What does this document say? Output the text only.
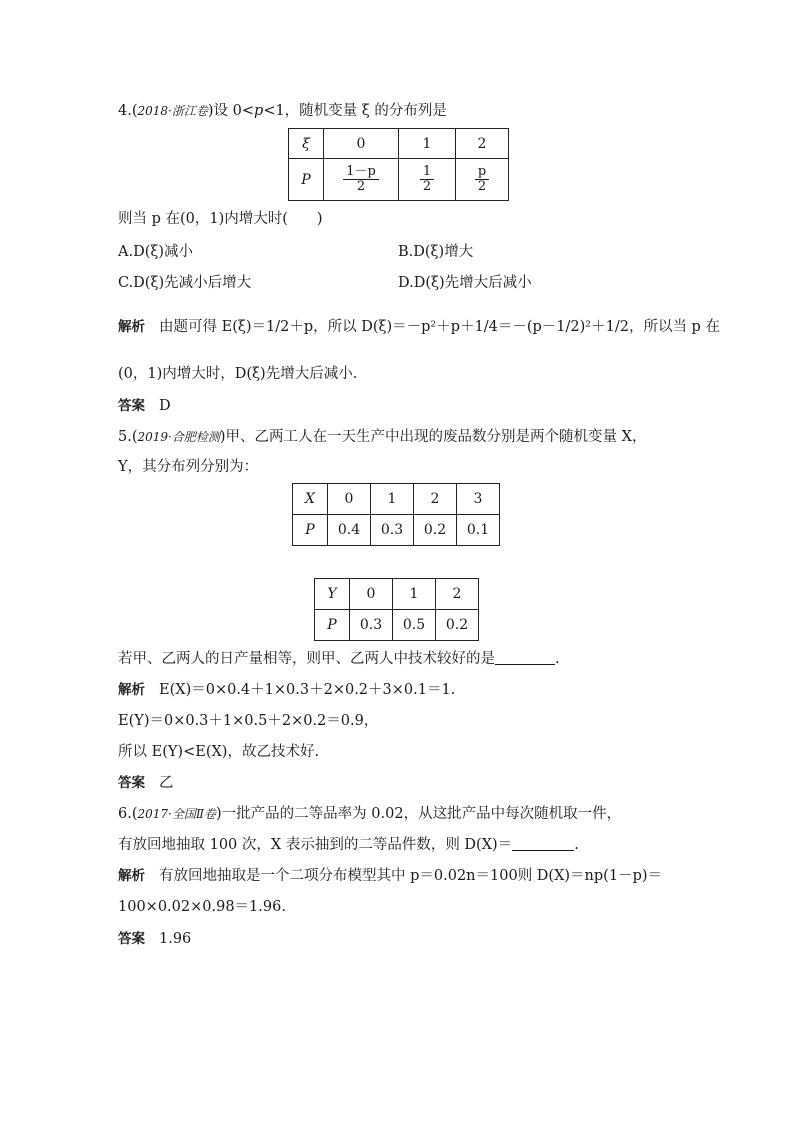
4.(2018·浙江卷)设 0<p<1，随机变量 ξ 的分布列是
ξ	0	1	2
P	$\frac{1-p}{2}$	$\frac{1}{2}$	$\frac{p}{2}$
则当 p 在(0，1)内增大时(　　)
A.D(ξ)减小	B.D(ξ)增大
C.D(ξ)先减小后增大	D.D(ξ)先增大后减小
解析 由题可得 E(ξ)＝1/2＋p，所以 D(ξ)＝－p²＋p＋1/4＝－(p－1/2)²＋1/2，所以当 p 在
(0，1)内增大时，D(ξ)先增大后减小.
答案 D
5.(2019·合肥检测)甲、乙两工人在一天生产中出现的废品数分别是两个随机变量 X，
Y，其分布列分别为：
X	0	1	2	3
P	0.4	0.3	0.2	0.1
Y	0	1	2
P	0.3	0.5	0.2
若甲、乙两人的日产量相等，则甲、乙两人中技术较好的是	.
解析 E(X)＝0×0.4＋1×0.3＋2×0.2＋3×0.1＝1.
E(Y)＝0×0.3＋1×0.5＋2×0.2＝0.9，
所以 E(Y)<E(X)，故乙技术好.
答案 乙
6.(2017·全国Ⅱ卷)一批产品的二等品率为 0.02，从这批产品中每次随机取一件，
有放回地抽取 100 次，X 表示抽到的二等品件数，则 D(X)＝	.
解析 有放回地抽取是一个二项分布模型其中 p＝0.02n＝100则 D(X)＝np(1－p)＝
100×0.02×0.98＝1.96.
答案 1.96
